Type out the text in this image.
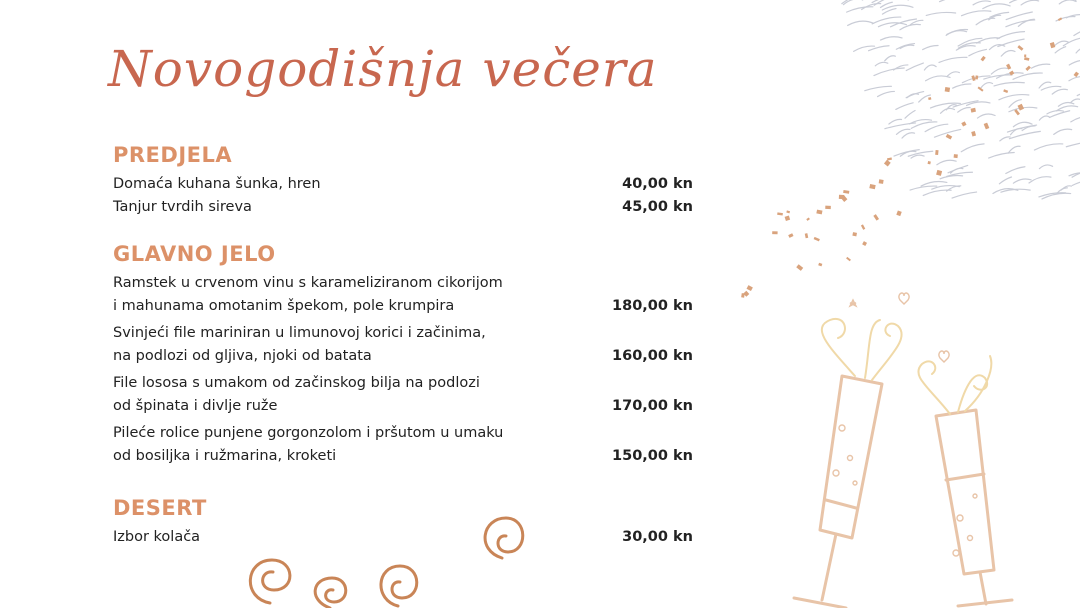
Novogodišnja večera
PREDJELA
Domaća kuhana šunka, hren	40,00 kn
Tanjur tvrdih sireva	45,00 kn
GLAVNO JELO
Ramstek u crvenom vinu s karameliziranom cikorijom
i mahunama omotanim špekom, pole krumpira	180,00 kn
Svinjeći file mariniran u limunovoj korici i začinima,
na podlozi od gljiva, njoki od batata	160,00 kn
File lososa s umakom od začinskog bilja na podlozi
od špinata i divlje ruže	170,00 kn
Pileće rolice punjene gorgonzolom i pršutom u umaku
od bosiljka i ružmarina, kroketi	150,00 kn
DESERT
Izbor kolača	30,00 kn
